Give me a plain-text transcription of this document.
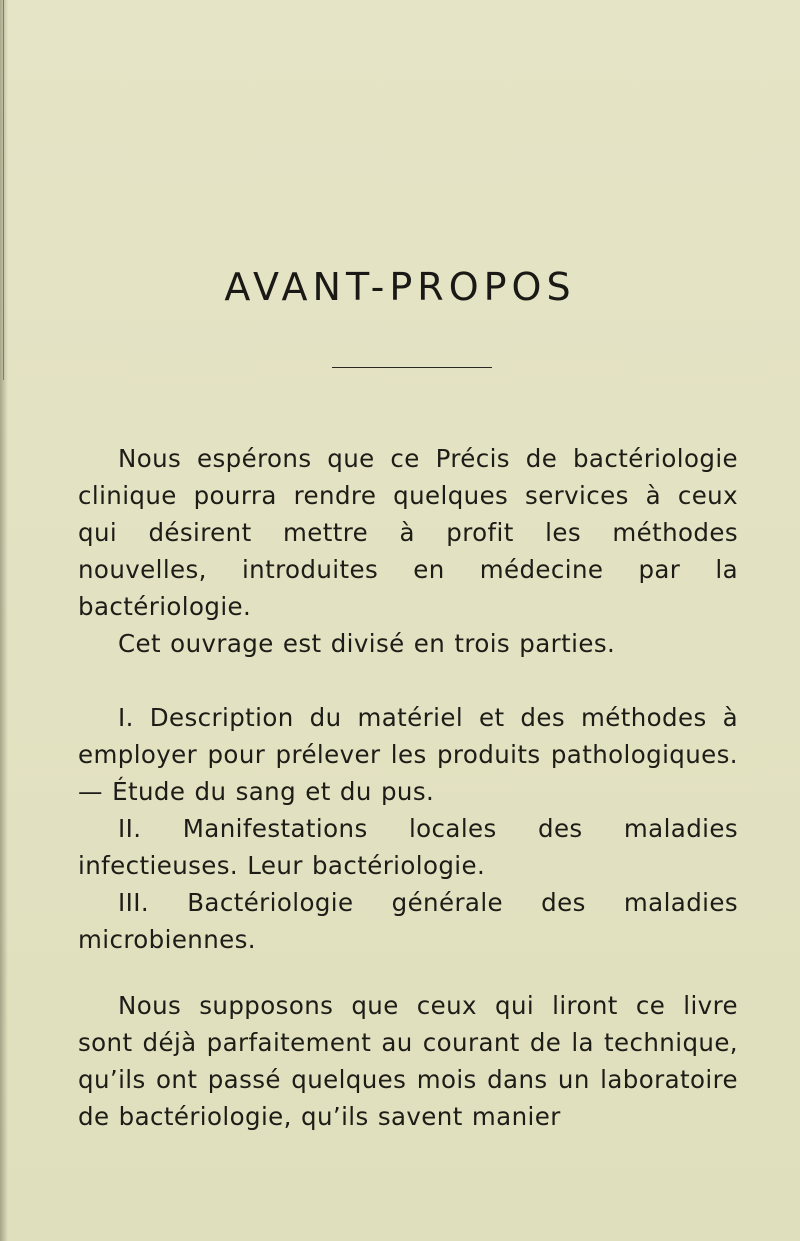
AVANT-PROPOS

Nous espérons que ce Précis de bactériologie clinique pourra rendre quelques services à ceux qui désirent mettre à profit les méthodes nouvelles, introduites en médecine par la bactériologie.

Cet ouvrage est divisé en trois parties.

I. Description du matériel et des méthodes à employer pour prélever les produits pathologiques. — Étude du sang et du pus.

II. Manifestations locales des maladies infectieuses. Leur bactériologie.

III. Bactériologie générale des maladies microbiennes.

Nous supposons que ceux qui liront ce livre sont déjà parfaitement au courant de la technique, qu’ils ont passé quelques mois dans un laboratoire de bactériologie, qu’ils savent manier
